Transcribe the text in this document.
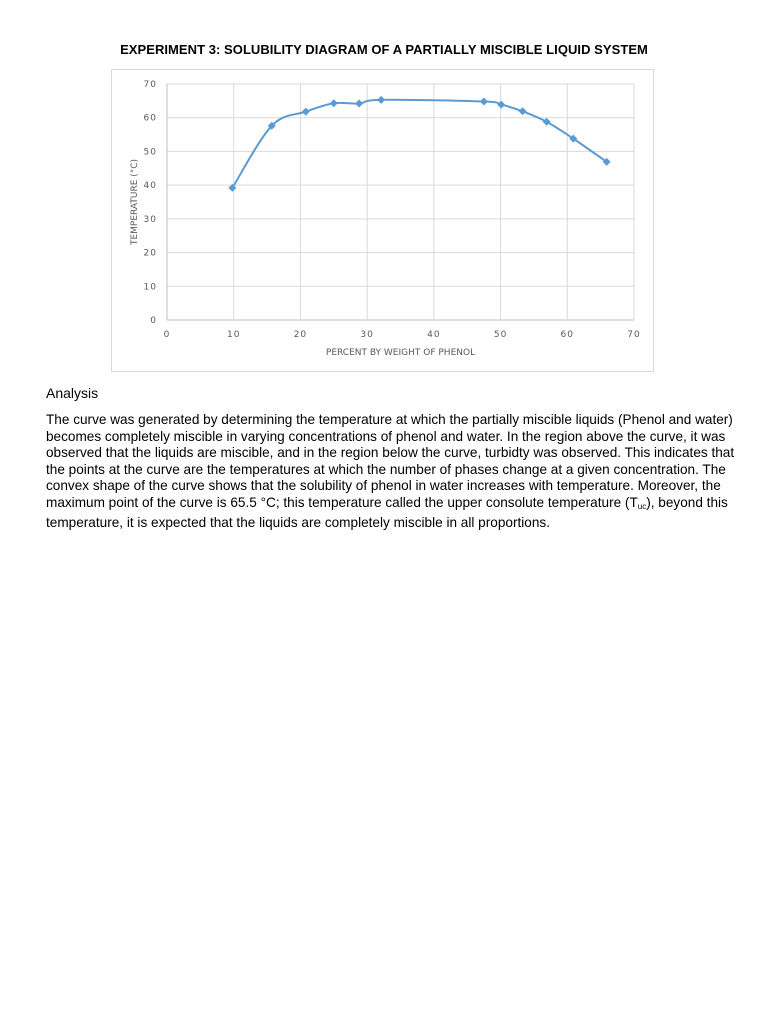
EXPERIMENT 3: SOLUBILITY DIAGRAM OF A PARTIALLY MISCIBLE LIQUID SYSTEM
0
10
20
30
40
50
60
70
0	10	20	30	40	50	60	70
PERCENT BY WEIGHT OF PHENOL
TEMPERATURE (°C)
Analysis
The curve was generated by determining the temperature at which the partially miscible liquids (Phenol and water) becomes completely miscible in varying concentrations of phenol and water. In the region above the curve, it was observed that the liquids are miscible, and in the region below the curve, turbidty was observed. This indicates that the points at the curve are the temperatures at which the number of phases change at a given concentration. The convex shape of the curve shows that the solubility of phenol in water increases with temperature. Moreover, the maximum point of the curve is 65.5 °C; this temperature called the upper consolute temperature $(T_{uc})$, beyond this temperature, it is expected that the liquids are completely miscible in all proportions.
